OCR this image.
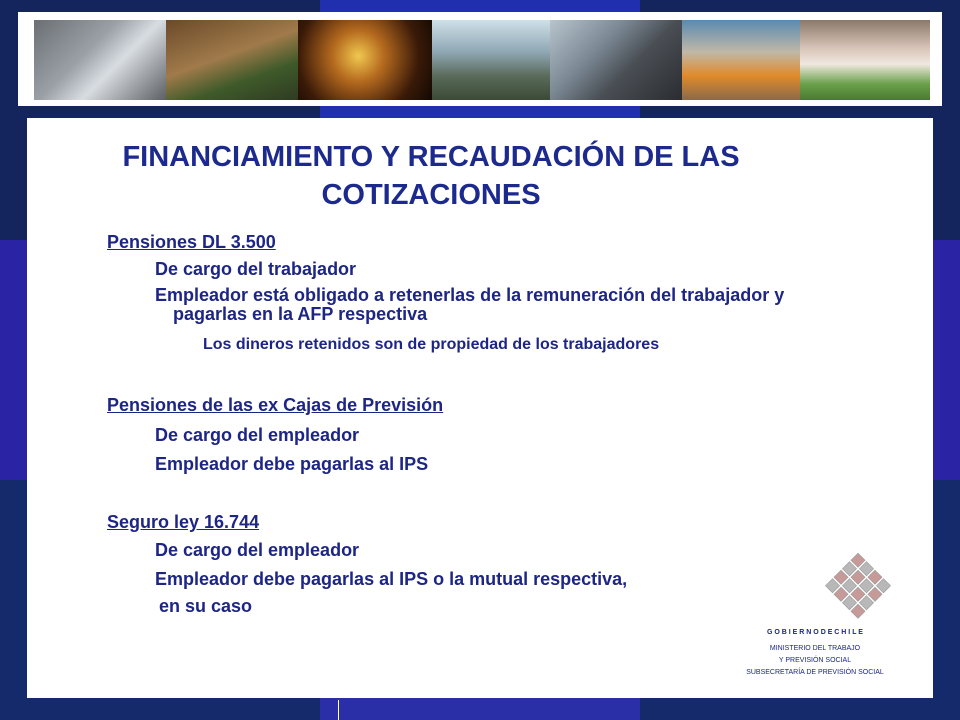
FINANCIAMIENTO Y RECAUDACIÓN DE LAS
COTIZACIONES
Pensiones DL 3.500
De cargo del trabajador
Empleador está obligado a retenerlas de la remuneración del trabajador y
pagarlas en la AFP respectiva
Los dineros retenidos son de propiedad de los trabajadores
Pensiones de las ex Cajas de Previsión
De cargo del empleador
Empleador debe pagarlas al IPS
Seguro ley 16.744
De cargo del empleador
Empleador debe pagarlas al IPS o la mutual respectiva,
en su caso
G O B I E R N O D E C H I L E
MINISTERIO DEL TRABAJO
Y PREVISIÓN SOCIAL
SUBSECRETARÍA DE PREVISIÓN SOCIAL
